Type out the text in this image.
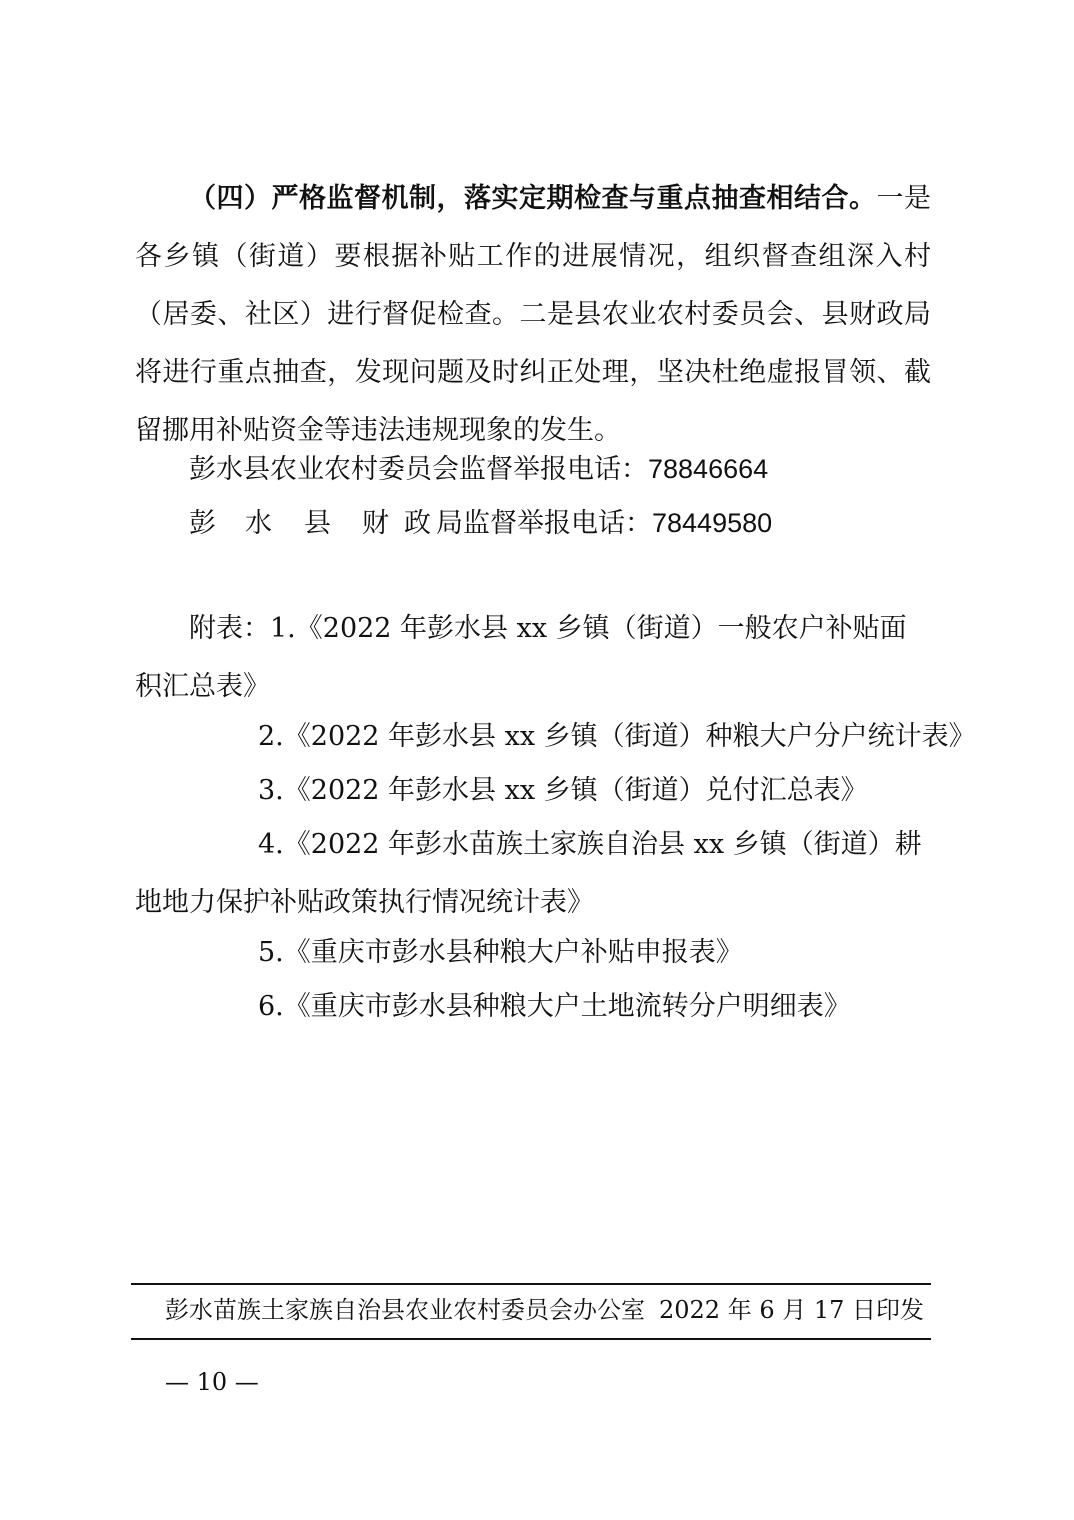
（四）严格监督机制，落实定期检查与重点抽查相结合。一是各乡镇（街道）要根据补贴工作的进展情况，组织督查组深入村（居委、社区）进行督促检查。二是县农业农村委员会、县财政局将进行重点抽查，发现问题及时纠正处理，坚决杜绝虚报冒领、截留挪用补贴资金等违法违规现象的发生。

彭水县农业农村委员会监督举报电话：78846664

彭 水 县 财 政 局监督举报电话：78449580

附表：1.《2022 年彭水县 xx 乡镇（街道）一般农户补贴面积汇总表》

2.《2022 年彭水县 xx 乡镇（街道）种粮大户分户统计表》

3.《2022 年彭水县 xx 乡镇（街道）兑付汇总表》

4.《2022 年彭水苗族土家族自治县 xx 乡镇（街道）耕地地力保护补贴政策执行情况统计表》

5.《重庆市彭水县种粮大户补贴申报表》

6.《重庆市彭水县种粮大户土地流转分户明细表》

彭水苗族土家族自治县农业农村委员会办公室 2022 年 6 月 17 日印发
— 10 —
